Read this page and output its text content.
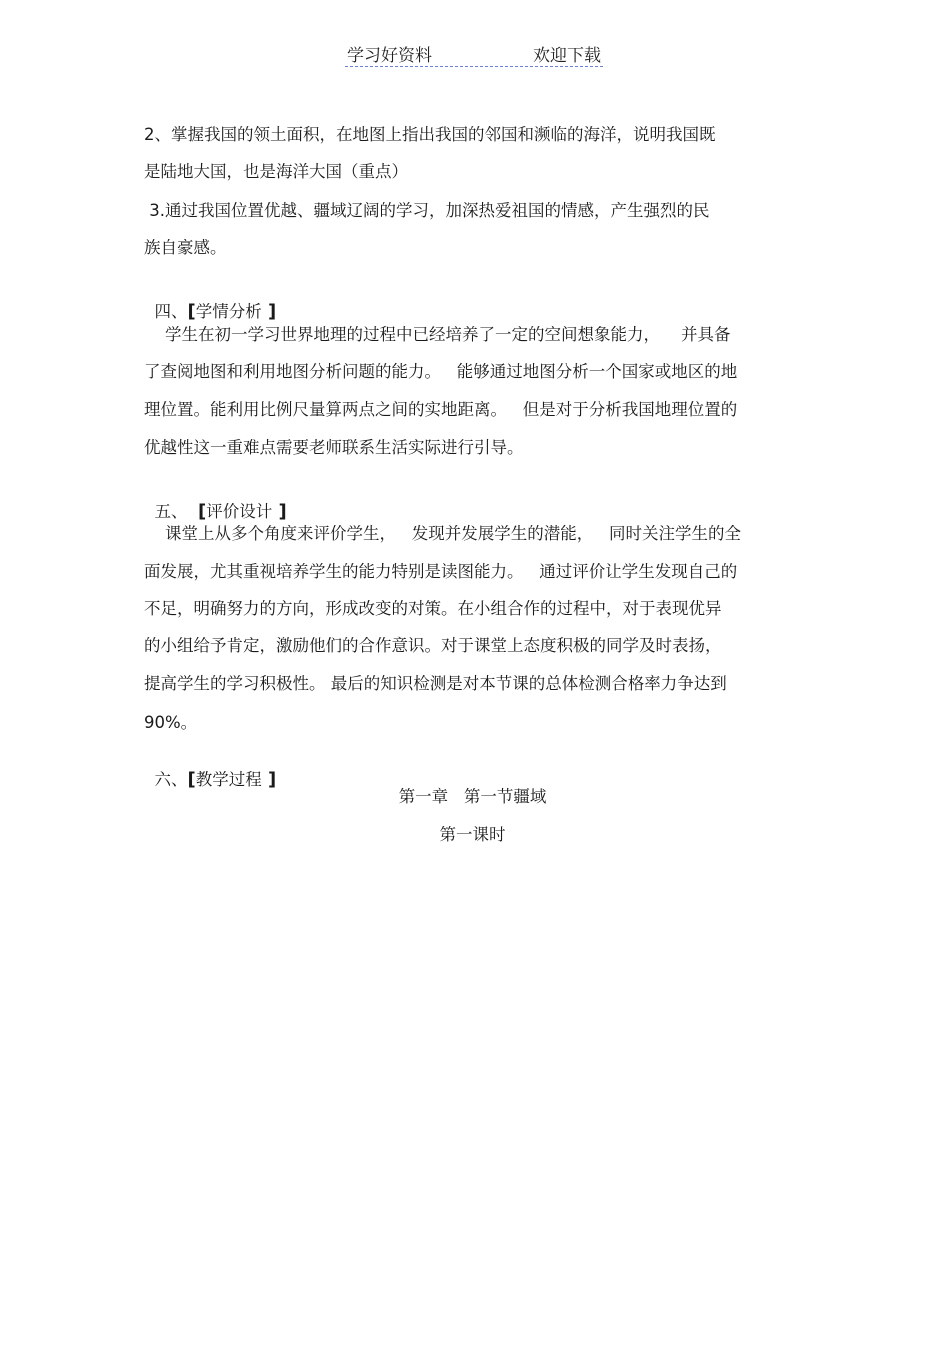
学习好资料	欢迎下载
2、掌握我国的领土面积，在地图上指出我国的邻国和濒临的海洋，说明我国既
是陆地大国，也是海洋大国（重点）
3.通过我国位置优越、疆域辽阔的学习，加深热爱祖国的情感，产生强烈的民
族自豪感。

四、[学情分析 ]

学生在初一学习世界地理的过程中已经培养了一定的空间想象能力，    并具备
了查阅地图和利用地图分析问题的能力。   能够通过地图分析一个国家或地区的地
理位置。能利用比例尺量算两点之间的实地距离。   但是对于分析我国地理位置的
优越性这一重难点需要老师联系生活实际进行引导。

五、  [评价设计 ]

课堂上从多个角度来评价学生，   发现并发展学生的潜能，   同时关注学生的全
面发展，尤其重视培养学生的能力特别是读图能力。   通过评价让学生发现自己的
不足，明确努力的方向，形成改变的对策。在小组合作的过程中，对于表现优异
的小组给予肯定，激励他们的合作意识。对于课堂上态度积极的同学及时表扬，
提高学生的学习积极性。 最后的知识检测是对本节课的总体检测合格率力争达到
90%。

六、[教学过程 ]

第一章   第一节疆域
第一课时
